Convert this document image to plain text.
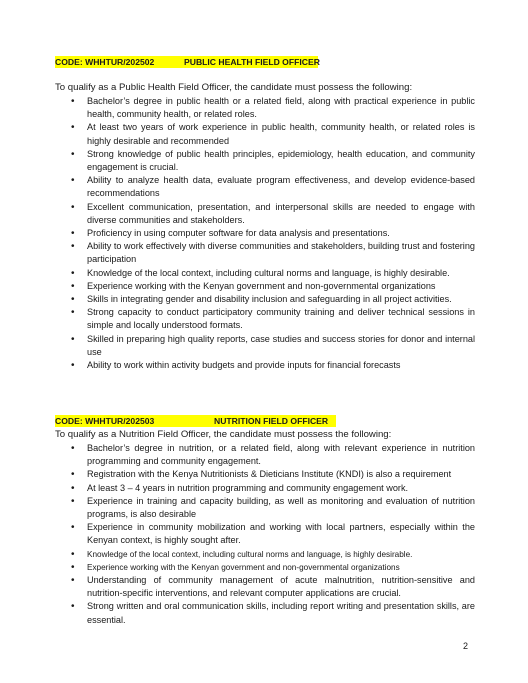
CODE: WHHTUR/202502	PUBLIC HEALTH FIELD OFFICER
To qualify as a Public Health Field Officer, the candidate must possess the following:
• Bachelor’s degree in public health or a related field, along with practical experience in public health, community health, or related roles.
• At least two years of work experience in public health, community health, or related roles is highly desirable and recommended
• Strong knowledge of public health principles, epidemiology, health education, and community engagement is crucial.
• Ability to analyze health data, evaluate program effectiveness, and develop evidence-based recommendations
• Excellent communication, presentation, and interpersonal skills are needed to engage with diverse communities and stakeholders.
• Proficiency in using computer software for data analysis and presentations.
• Ability to work effectively with diverse communities and stakeholders, building trust and fostering participation
• Knowledge of the local context, including cultural norms and language, is highly desirable.
• Experience working with the Kenyan government and non-governmental organizations
• Skills in integrating gender and disability inclusion and safeguarding in all project activities.
• Strong capacity to conduct participatory community training and deliver technical sessions in simple and locally understood formats.
• Skilled in preparing high quality reports, case studies and success stories for donor and internal use
• Ability to work within activity budgets and provide inputs for financial forecasts
CODE: WHHTUR/202503	NUTRITION FIELD OFFICER
To qualify as a Nutrition Field Officer, the candidate must possess the following:
• Bachelor’s degree in nutrition, or a related field, along with relevant experience in nutrition programming and community engagement.
• Registration with the Kenya Nutritionists & Dieticians Institute (KNDI) is also a requirement
• At least 3 – 4 years in nutrition programming and community engagement work.
• Experience in training and capacity building, as well as monitoring and evaluation of nutrition programs, is also desirable
• Experience in community mobilization and working with local partners, especially within the Kenyan context, is highly sought after.
• Knowledge of the local context, including cultural norms and language, is highly desirable.
• Experience working with the Kenyan government and non-governmental organizations
• Understanding of community management of acute malnutrition, nutrition-sensitive and nutrition-specific interventions, and relevant computer applications are crucial.
• Strong written and oral communication skills, including report writing and presentation skills, are essential.
2
